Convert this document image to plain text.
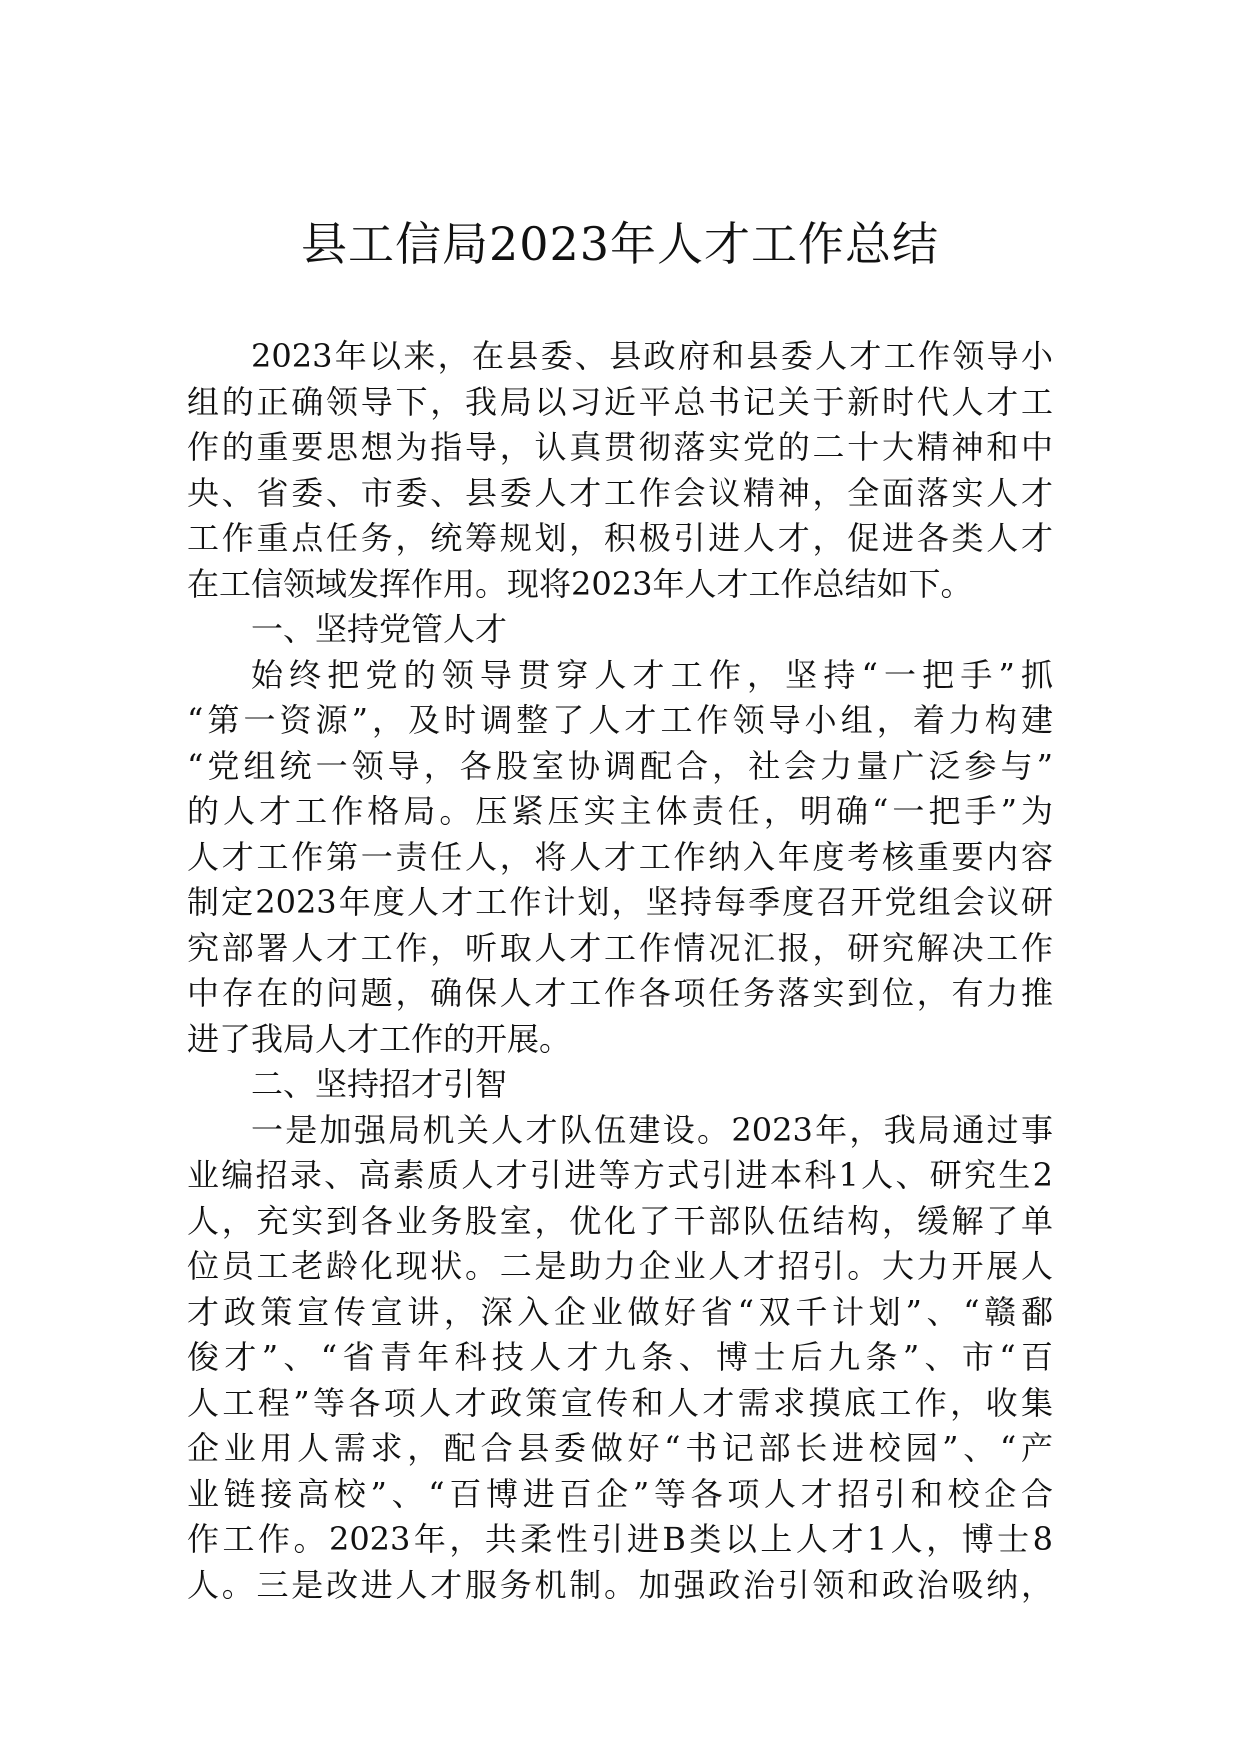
县工信局2023年人才工作总结
2023年以来，在县委、县政府和县委人才工作领导小
组的正确领导下，我局以习近平总书记关于新时代人才工
作的重要思想为指导，认真贯彻落实党的二十大精神和中
央、省委、市委、县委人才工作会议精神，全面落实人才
工作重点任务，统筹规划，积极引进人才，促进各类人才
在工信领域发挥作用。现将2023年人才工作总结如下。
一、坚持党管人才
始终把党的领导贯穿人才工作，坚持“一把手”抓
“第一资源”，及时调整了人才工作领导小组，着力构建
“党组统一领导，各股室协调配合，社会力量广泛参与”
的人才工作格局。压紧压实主体责任，明确“一把手”为
人才工作第一责任人，将人才工作纳入年度考核重要内容
制定2023年度人才工作计划，坚持每季度召开党组会议研
究部署人才工作，听取人才工作情况汇报，研究解决工作
中存在的问题，确保人才工作各项任务落实到位，有力推
进了我局人才工作的开展。
二、坚持招才引智
一是加强局机关人才队伍建设。2023年，我局通过事
业编招录、高素质人才引进等方式引进本科1人、研究生2
人，充实到各业务股室，优化了干部队伍结构，缓解了单
位员工老龄化现状。二是助力企业人才招引。大力开展人
才政策宣传宣讲，深入企业做好省“双千计划”、“赣鄱
俊才”、“省青年科技人才九条、博士后九条”、市“百
人工程”等各项人才政策宣传和人才需求摸底工作，收集
企业用人需求，配合县委做好“书记部长进校园”、“产
业链接高校”、“百博进百企”等各项人才招引和校企合
作工作。2023年，共柔性引进B类以上人才1人，博士8
人。三是改进人才服务机制。加强政治引领和政治吸纳，
